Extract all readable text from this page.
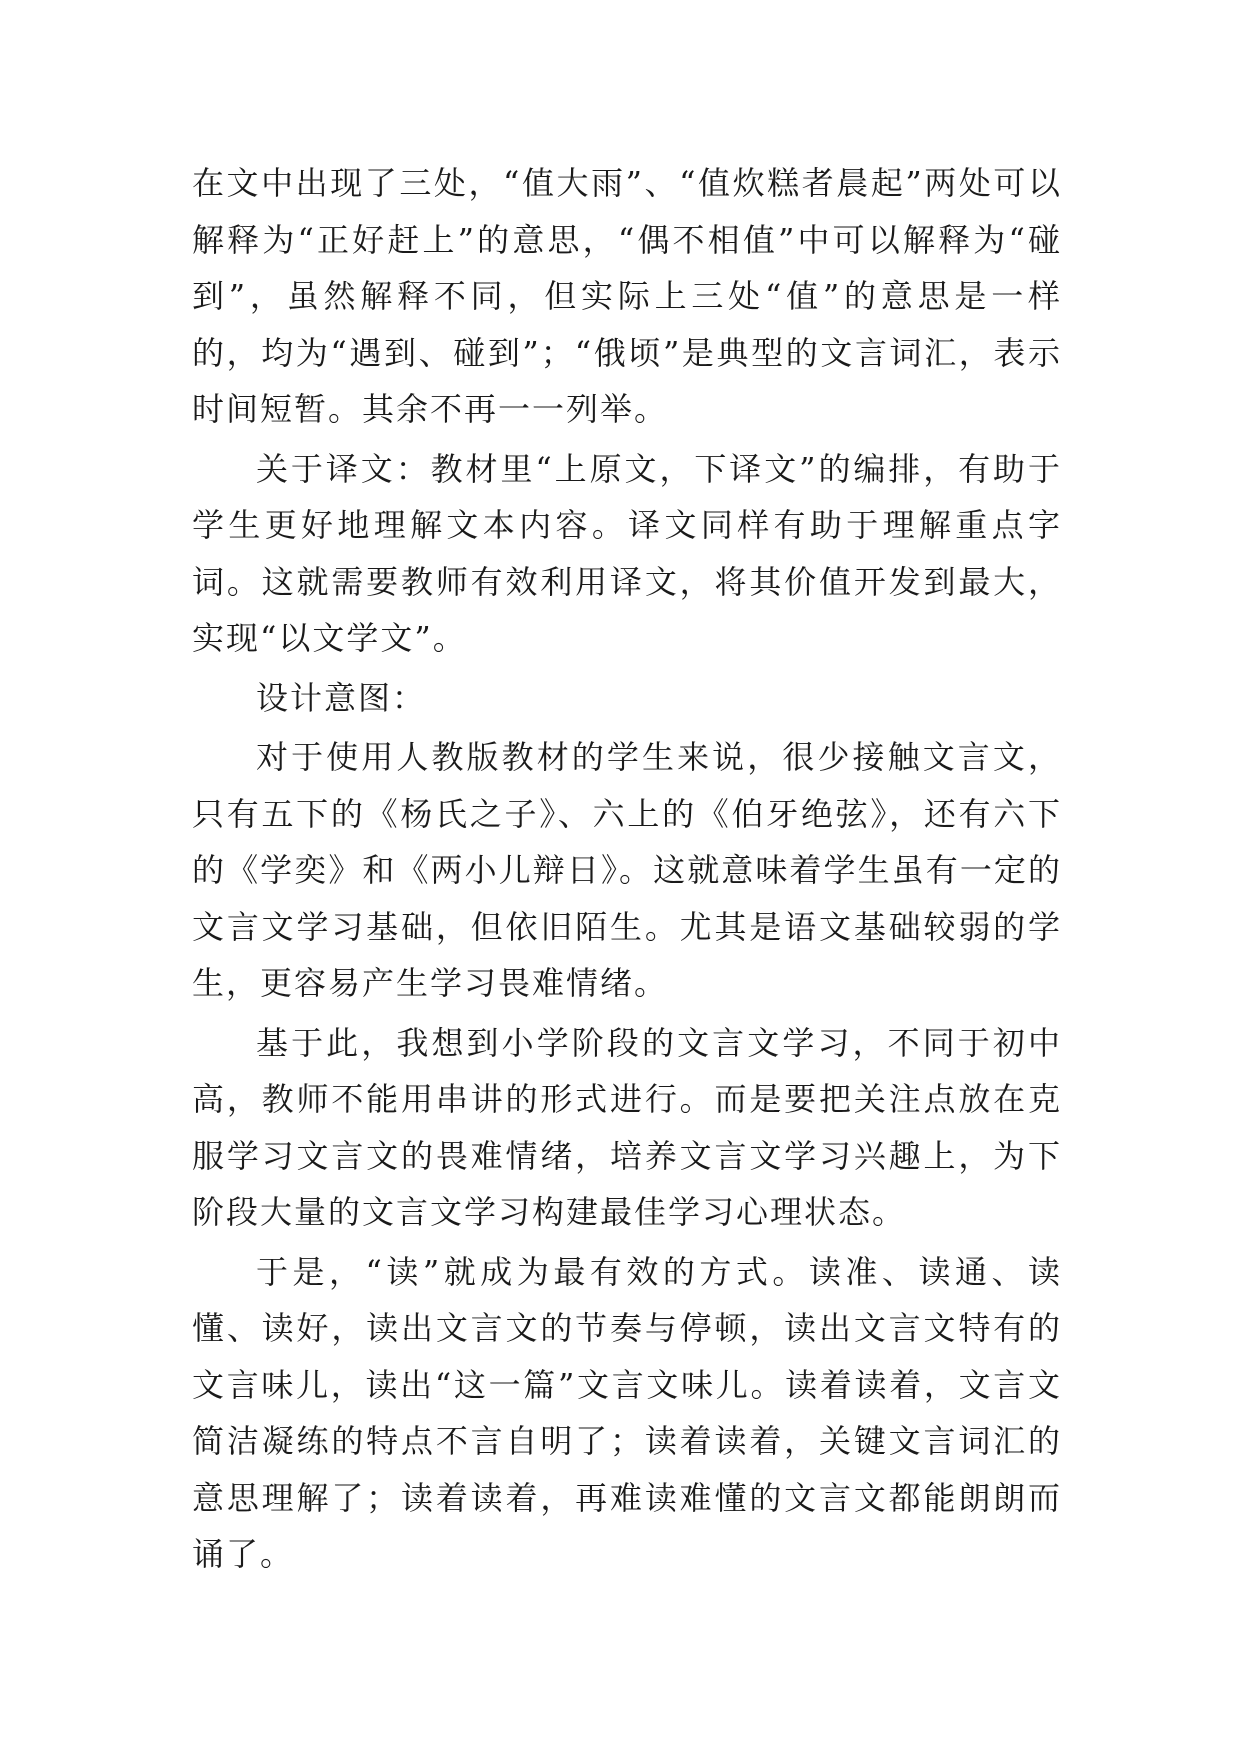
在文中出现了三处，“值大雨”、“值炊糕者晨起”两处可以解释为“正好赶上”的意思，“偶不相值”中可以解释为“碰到”，虽然解释不同，但实际上三处“值”的意思是一样的，均为“遇到、碰到”；“俄顷”是典型的文言词汇，表示时间短暂。其余不再一一列举。

关于译文：教材里“上原文，下译文”的编排，有助于学生更好地理解文本内容。译文同样有助于理解重点字词。这就需要教师有效利用译文，将其价值开发到最大，实现“以文学文”。

设计意图：

对于使用人教版教材的学生来说，很少接触文言文，只有五下的《杨氏之子》、六上的《伯牙绝弦》，还有六下的《学奕》和《两小儿辩日》。这就意味着学生虽有一定的文言文学习基础，但依旧陌生。尤其是语文基础较弱的学生，更容易产生学习畏难情绪。

基于此，我想到小学阶段的文言文学习，不同于初中高，教师不能用串讲的形式进行。而是要把关注点放在克服学习文言文的畏难情绪，培养文言文学习兴趣上，为下阶段大量的文言文学习构建最佳学习心理状态。

于是，“读”就成为最有效的方式。读准、读通、读懂、读好，读出文言文的节奏与停顿，读出文言文特有的文言味儿，读出“这一篇”文言文味儿。读着读着，文言文简洁凝练的特点不言自明了；读着读着，关键文言词汇的意思理解了；读着读着，再难读难懂的文言文都能朗朗而诵了。
